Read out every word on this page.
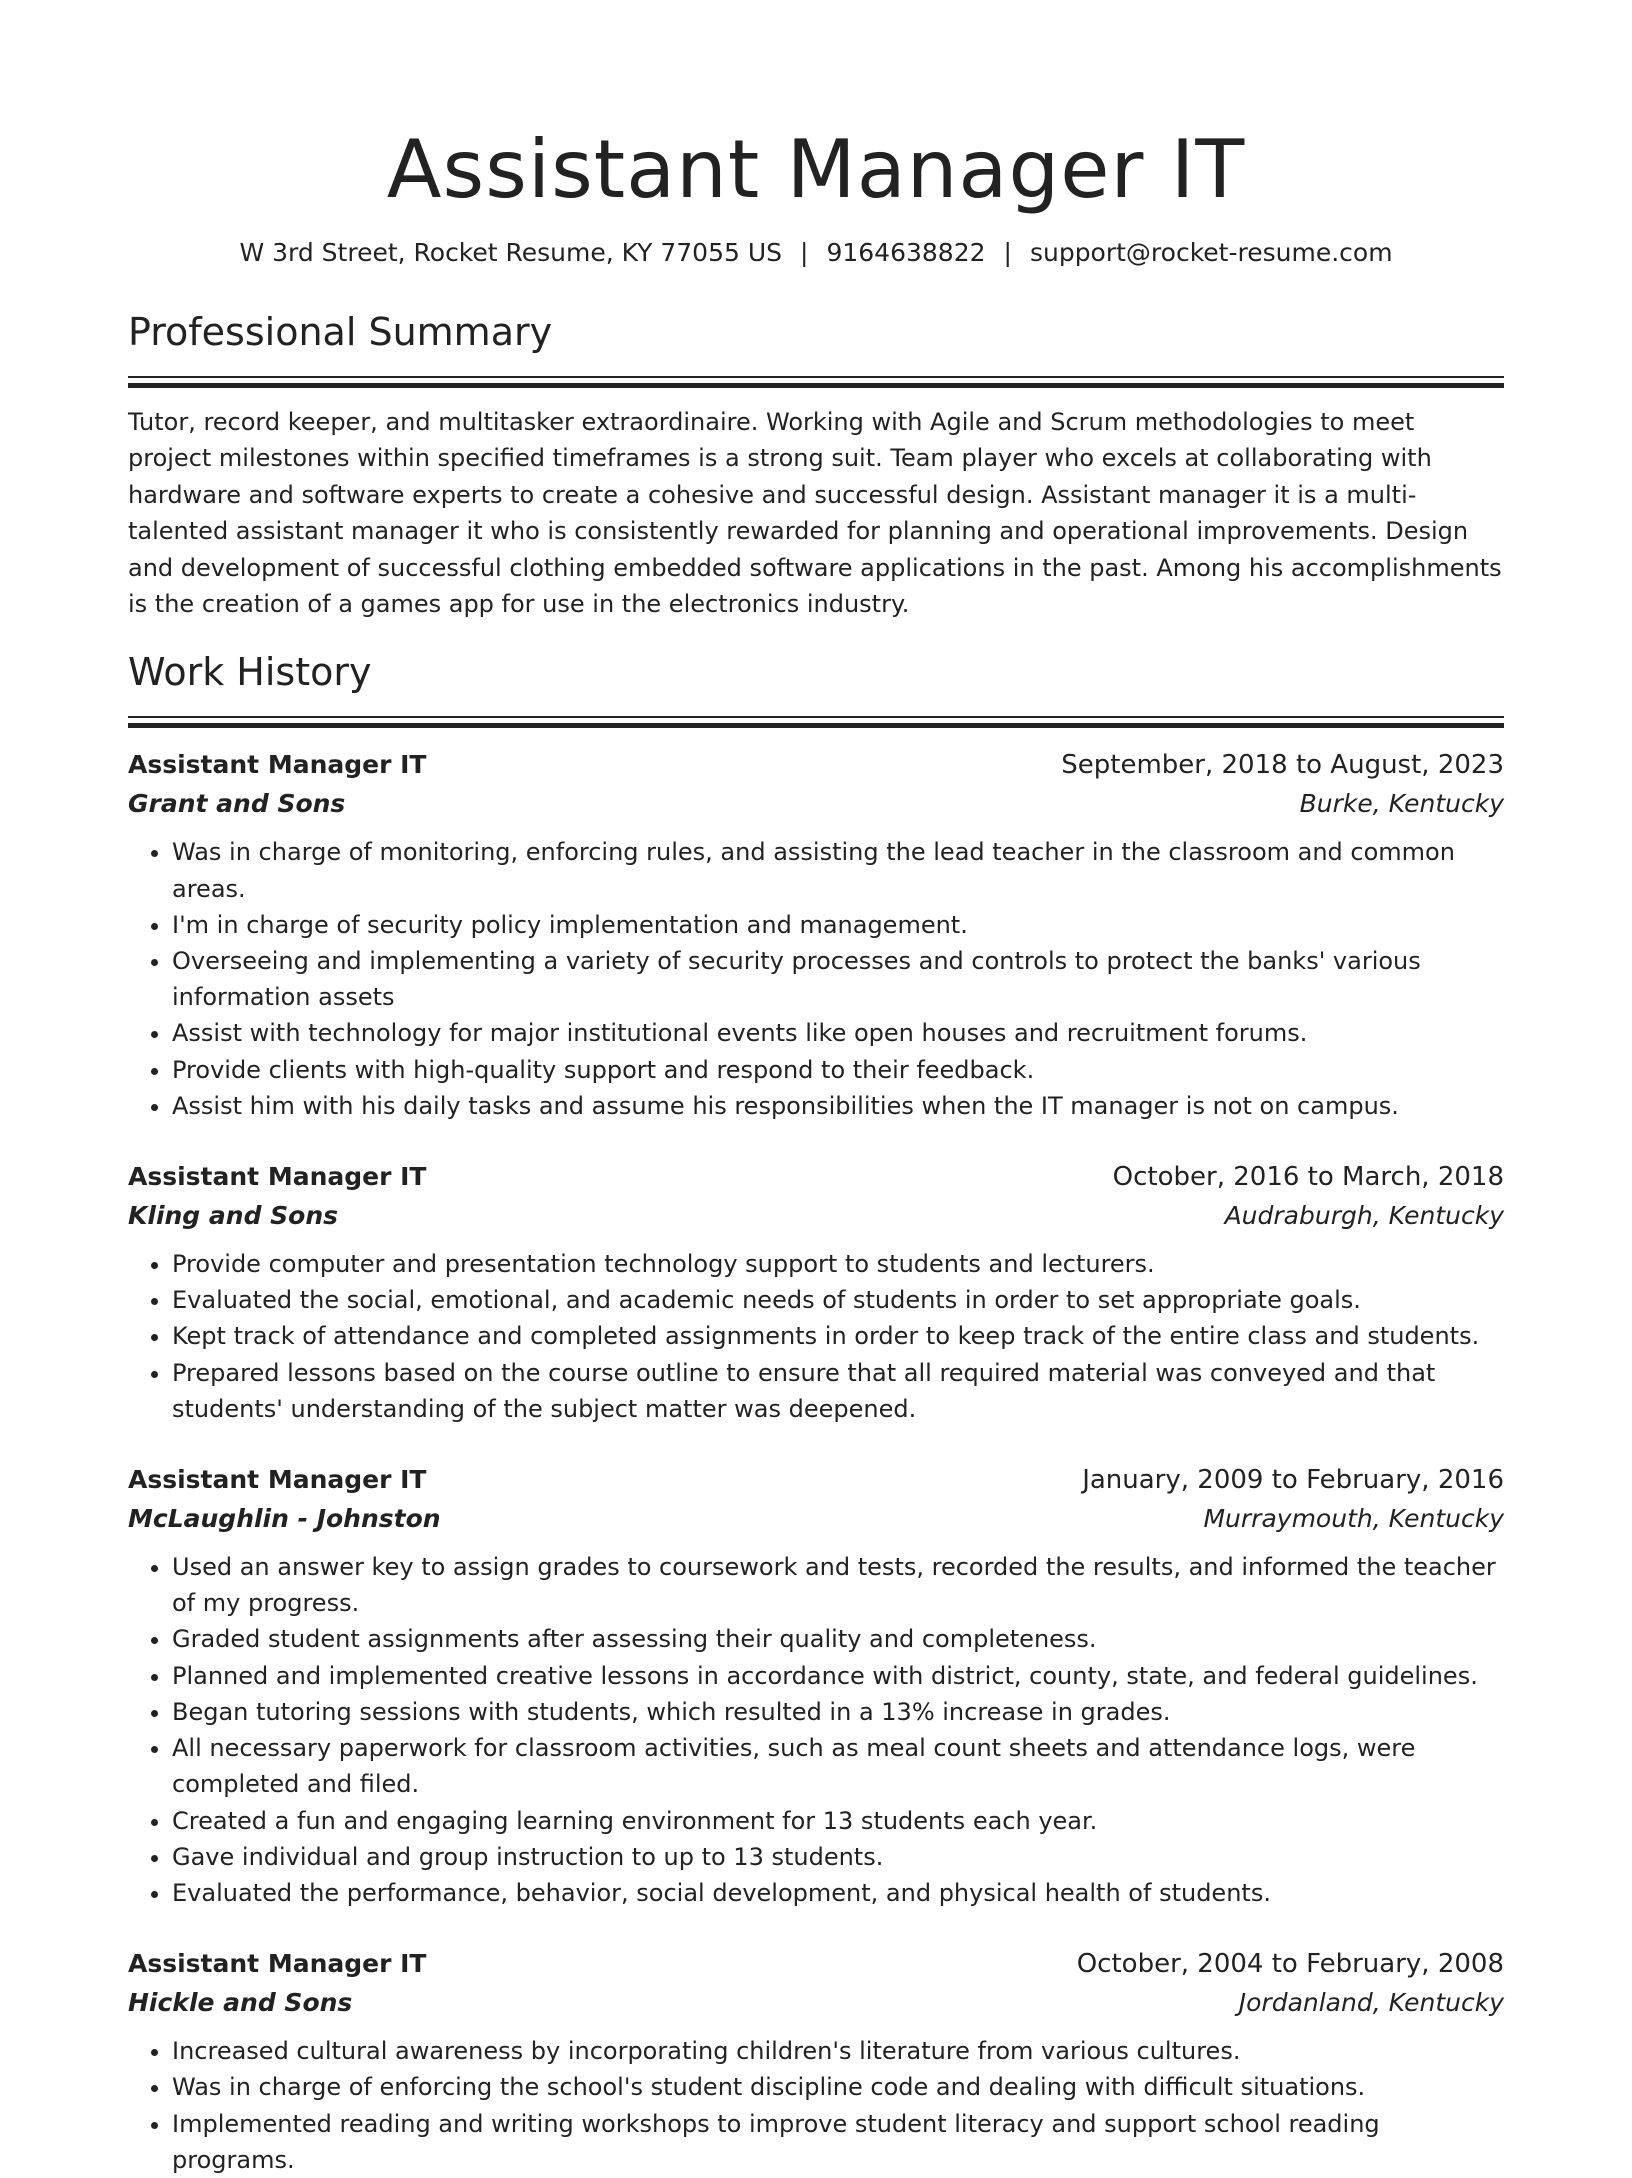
Assistant Manager IT
W 3rd Street, Rocket Resume, KY 77055 US | 9164638822 | support@rocket-resume.com
Professional Summary

Tutor, record keeper, and multitasker extraordinaire. Working with Agile and Scrum methodologies to meet project milestones within specified timeframes is a strong suit. Team player who excels at collaborating with hardware and software experts to create a cohesive and successful design. Assistant manager it is a multi-talented assistant manager it who is consistently rewarded for planning and operational improvements. Design and development of successful clothing embedded software applications in the past. Among his accomplishments is the creation of a games app for use in the electronics industry.

Work History
Assistant Manager IT	September, 2018 to August, 2023
Grant and Sons	Burke, Kentucky
• Was in charge of monitoring, enforcing rules, and assisting the lead teacher in the classroom and common areas.
• I'm in charge of security policy implementation and management.
• Overseeing and implementing a variety of security processes and controls to protect the banks' various information assets
• Assist with technology for major institutional events like open houses and recruitment forums.
• Provide clients with high-quality support and respond to their feedback.
• Assist him with his daily tasks and assume his responsibilities when the IT manager is not on campus.
Assistant Manager IT	October, 2016 to March, 2018
Kling and Sons	Audraburgh, Kentucky
• Provide computer and presentation technology support to students and lecturers.
• Evaluated the social, emotional, and academic needs of students in order to set appropriate goals.
• Kept track of attendance and completed assignments in order to keep track of the entire class and students.
• Prepared lessons based on the course outline to ensure that all required material was conveyed and that students' understanding of the subject matter was deepened.
Assistant Manager IT	January, 2009 to February, 2016
McLaughlin - Johnston	Murraymouth, Kentucky
• Used an answer key to assign grades to coursework and tests, recorded the results, and informed the teacher of my progress.
• Graded student assignments after assessing their quality and completeness.
• Planned and implemented creative lessons in accordance with district, county, state, and federal guidelines.
• Began tutoring sessions with students, which resulted in a 13% increase in grades.
• All necessary paperwork for classroom activities, such as meal count sheets and attendance logs, were completed and filed.
• Created a fun and engaging learning environment for 13 students each year.
• Gave individual and group instruction to up to 13 students.
• Evaluated the performance, behavior, social development, and physical health of students.
Assistant Manager IT	October, 2004 to February, 2008
Hickle and Sons	Jordanland, Kentucky
• Increased cultural awareness by incorporating children's literature from various cultures.
• Was in charge of enforcing the school's student discipline code and dealing with difficult situations.
• Implemented reading and writing workshops to improve student literacy and support school reading programs.
